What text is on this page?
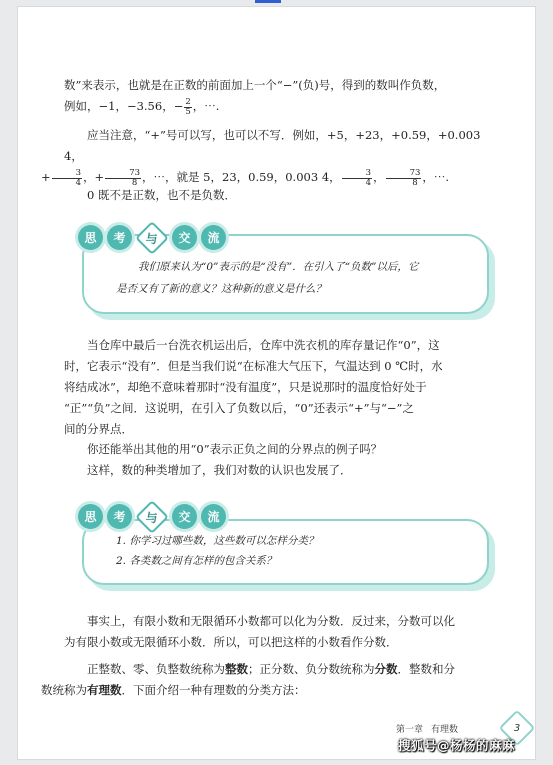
数”来表示，也就是在正数的前面加上一个“−”(负)号，得到的数叫作负数，
例如，−1，−3.56，− $\frac{2}{5}$ ，⋯.

应当注意，“+”号可以写，也可以不写．例如，+5，+23，+0.59，+0.003 4，
+ $\frac{3}{4}$ ，+ $\frac{73}{8}$ ，⋯，就是 5，23，0.59，0.003 4， $\frac{3}{4}$ ， $\frac{73}{8}$ ，⋯.

0 既不是正数，也不是负数．

我们原来认为“0”表示的是“没有”．在引入了“负数”以后，它
是否又有了新的意义？这种新的意义是什么？

思	考	与	交	流

当仓库中最后一台洗衣机运出后，仓库中洗衣机的库存量记作“0”，这
时，它表示“没有”．但是当我们说“在标准大气压下，气温达到 0 ℃时，水
将结成冰”，却绝不意味着那时“没有温度”，只是说那时的温度恰好处于
“正”“负”之间．这说明，在引入了负数以后，“0”还表示“+”与“−”之
间的分界点．

你还能举出其他的用“0”表示正负之间的分界点的例子吗？

这样，数的种类增加了，我们对数的认识也发展了．

1. 你学习过哪些数，这些数可以怎样分类？
2. 各类数之间有怎样的包含关系？
思	考	与	交	流

事实上，有限小数和无限循环小数都可以化为分数．反过来，分数可以化
为有限小数或无限循环小数．所以，可以把这样的小数看作分数．

正整数、零、负整数统称为整数；正分数、负分数统称为分数．整数和分
数统称为有理数．下面介绍一种有理数的分类方法：

第一章 有理数	3
搜狐号@杨杨的麻麻
